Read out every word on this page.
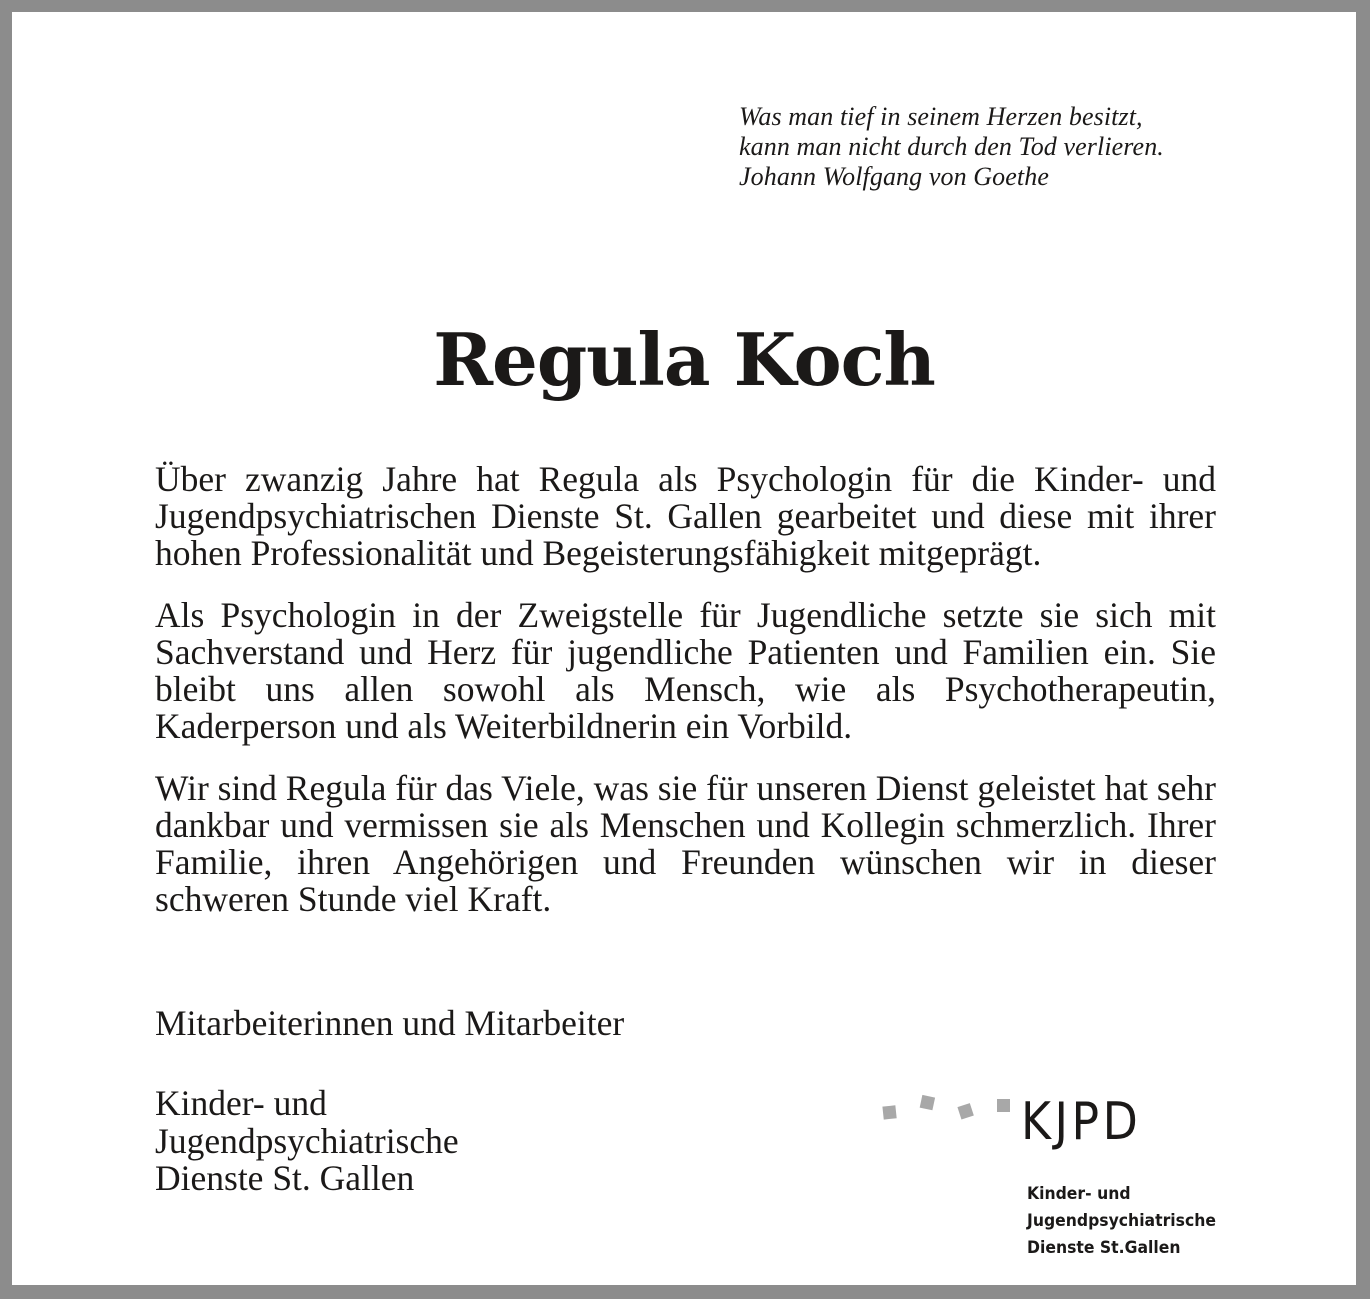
Was man tief in seinem Herzen besitzt,
kann man nicht durch den Tod verlieren.
Johann Wolfgang von Goethe
Regula Koch

Über zwanzig Jahre hat Regula als Psychologin für die Kinder- und Jugendpsychiatrischen Dienste St. Gallen gearbeitet und diese mit ihrer hohen Professionalität und Begeisterungsfähigkeit mitgeprägt.

Als Psychologin in der Zweigstelle für Jugendliche setzte sie sich mit Sachverstand und Herz für jugendliche Patienten und Familien ein. Sie bleibt uns allen sowohl als Mensch, wie als Psychotherapeutin, Kaderperson und als Weiterbildnerin ein Vorbild.

Wir sind Regula für das Viele, was sie für unseren Dienst geleistet hat sehr dankbar und vermissen sie als Menschen und Kollegin schmerzlich. Ihrer Familie, ihren Angehörigen und Freunden wünschen wir in dieser schweren Stunde viel Kraft.

Mitarbeiterinnen und Mitarbeiter
Kinder- und
Jugendpsychiatrische
Dienste St. Gallen
KJPD
Kinder- und
Jugendpsychiatrische
Dienste St.Gallen
